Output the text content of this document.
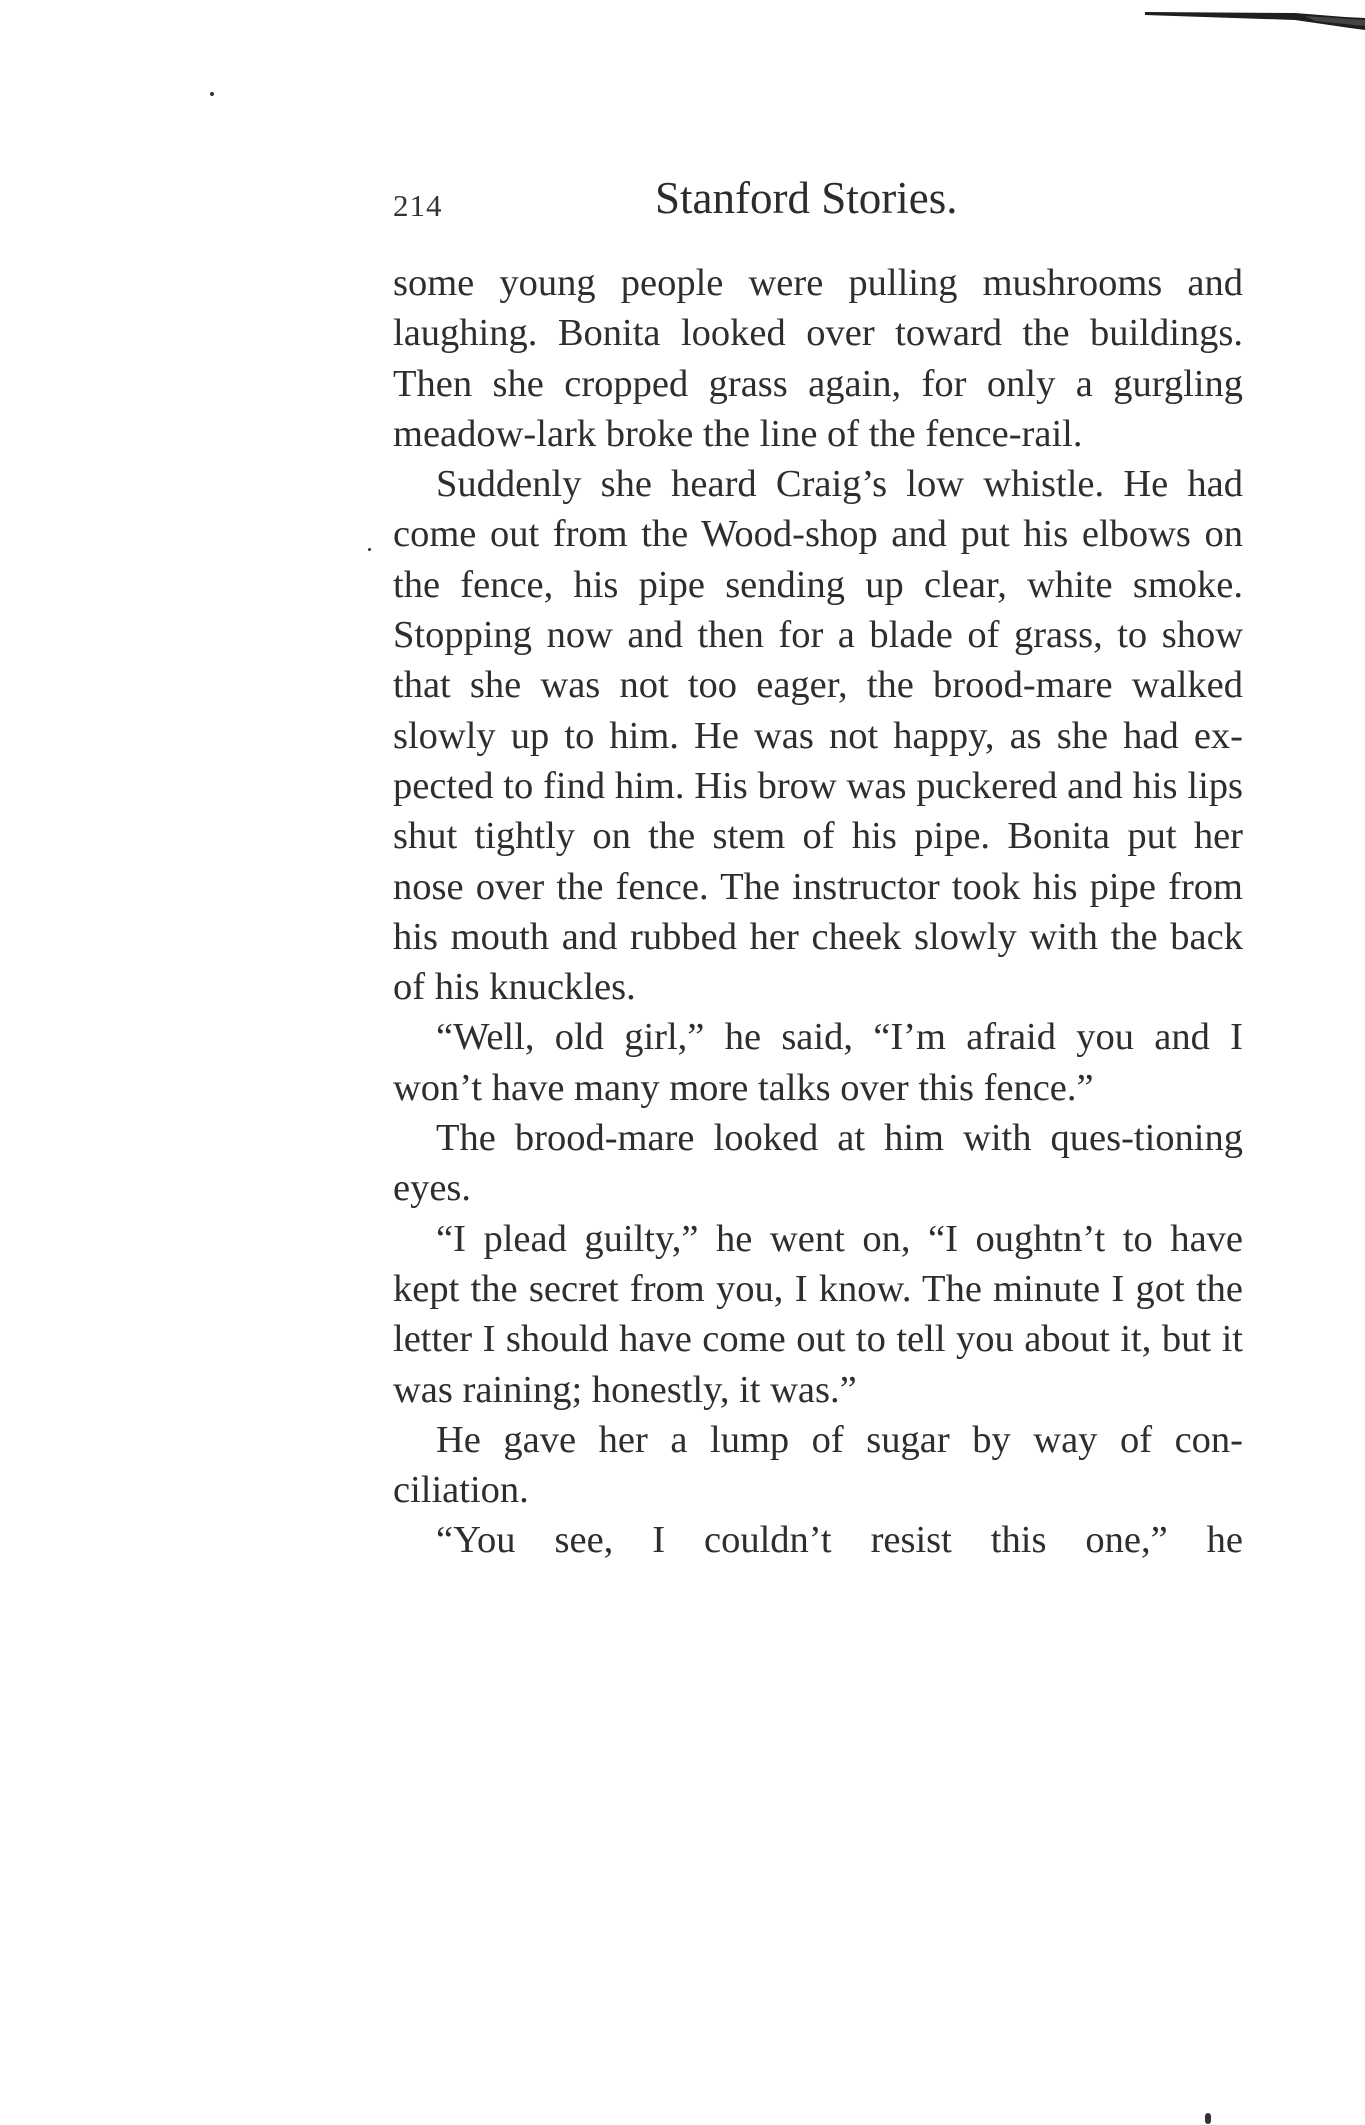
214	Stanford Stories.

some young people were pulling mushrooms and laughing. Bonita looked over toward the buildings. Then she cropped grass again, for only a gurgling meadow-lark broke the line of the fence-rail.

Suddenly she heard Craig’s low whistle. He had come out from the Wood-shop and put his elbows on the fence, his pipe sending up clear, white smoke. Stopping now and then for a blade of grass, to show that she was not too eager, the brood-mare walked slowly up to him. He was not happy, as she had ex-pected to find him. His brow was puckered and his lips shut tightly on the stem of his pipe. Bonita put her nose over the fence. The instructor took his pipe from his mouth and rubbed her cheek slowly with the back of his knuckles.

“Well, old girl,” he said, “I’m afraid you and I won’t have many more talks over this fence.”

The brood-mare looked at him with ques-tioning eyes.

“I plead guilty,” he went on, “I oughtn’t to have kept the secret from you, I know. The minute I got the letter I should have come out to tell you about it, but it was raining; honestly, it was.”

He gave her a lump of sugar by way of con-ciliation.

“You see, I couldn’t resist this one,” he
